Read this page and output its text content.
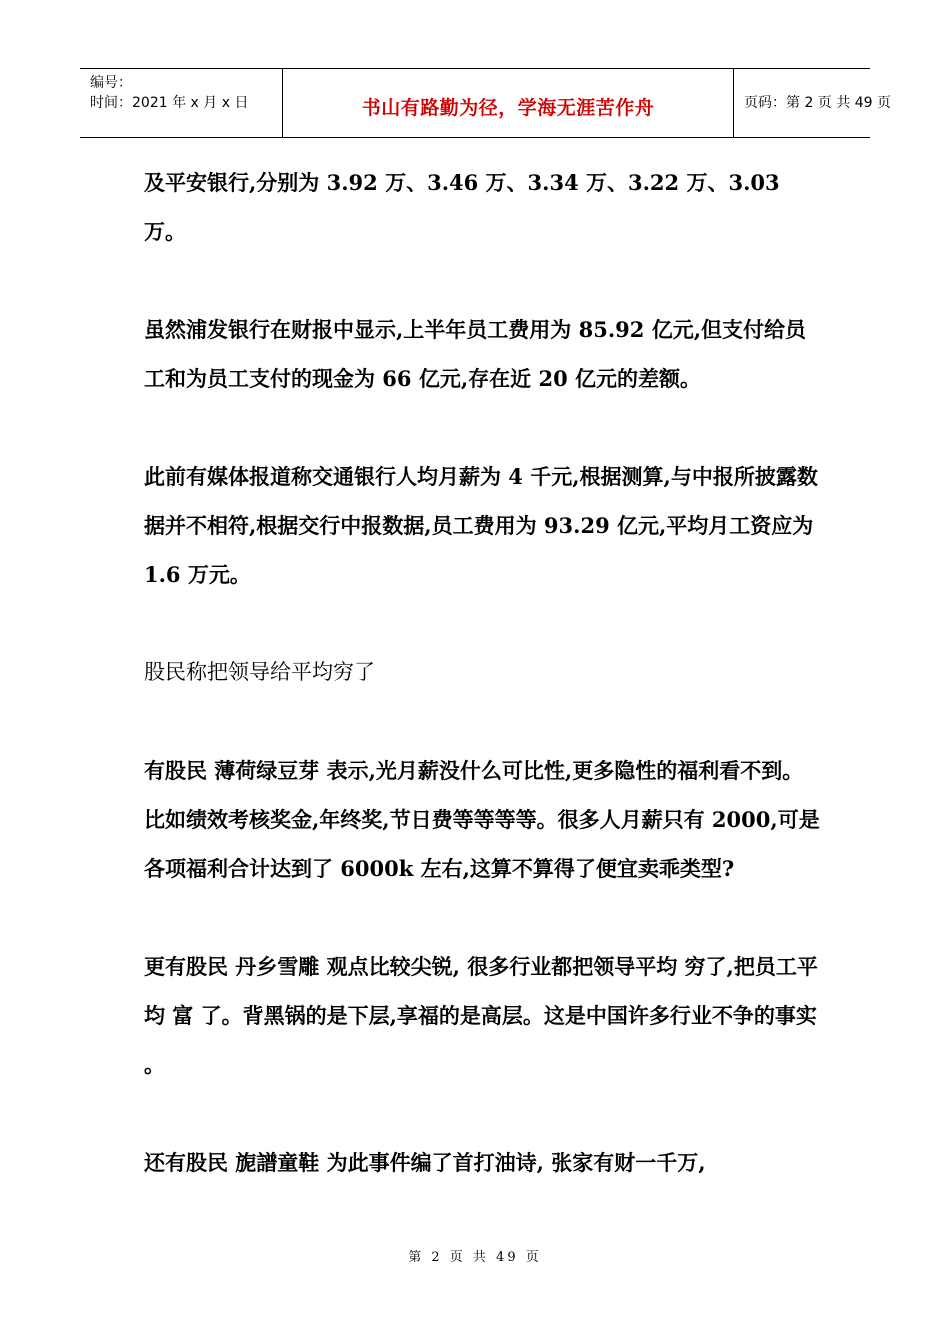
编号：
时间：2021 年 x 月 x 日	书山有路勤为径，学海无涯苦作舟	页码：第 2 页 共 49 页

及平安银行,分别为 3.92 万、3.46 万、3.34 万、3.22 万、3.03 万。

虽然浦发银行在财报中显示,上半年员工费用为 85.92 亿元,但支付给员工和为员工支付的现金为 66 亿元,存在近 20 亿元的差额。

此前有媒体报道称交通银行人均月薪为 4 千元,根据测算,与中报所披露数据并不相符,根据交行中报数据,员工费用为 93.29 亿元,平均月工资应为 1.6 万元。

股民称把领导给平均穷了

有股民 薄荷绿豆芽 表示,光月薪没什么可比性,更多隐性的福利看不到。比如绩效考核奖金,年终奖,节日费等等等等。很多人月薪只有 2000,可是各项福利合计达到了 6000k 左右,这算不算得了便宜卖乖类型?

更有股民 丹乡雪雕 观点比较尖锐, 很多行业都把领导平均 穷了,把员工平均 富 了。背黑锅的是下层,享福的是高层。这是中国许多行业不争的事实 。

还有股民 旎譜童鞋 为此事件编了首打油诗, 张家有财一千万,

第 2 页 共 49 页
